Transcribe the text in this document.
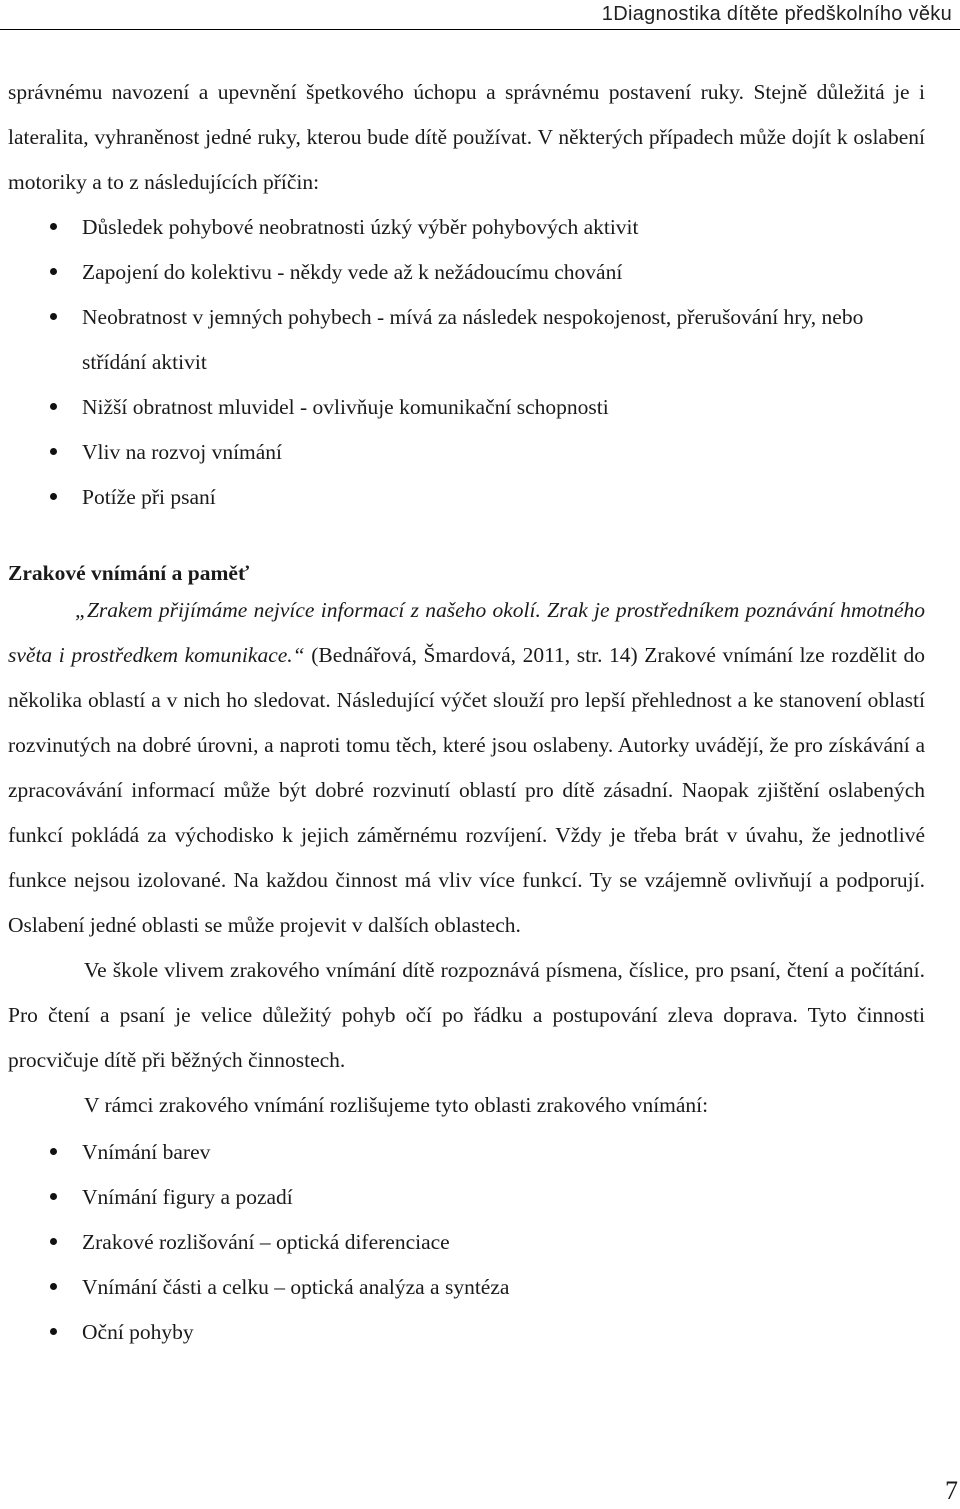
1Diagnostika dítěte předškolního věku

správnému navození a upevnění špetkového úchopu a správnému postavení ruky. Stejně důležitá je i lateralita, vyhraněnost jedné ruky, kterou bude dítě používat. V některých případech může dojít k oslabení motoriky a to z následujících příčin:

Důsledek pohybové neobratnosti úzký výběr pohybových aktivit
Zapojení do kolektivu - někdy vede až k nežádoucímu chování
Neobratnost v jemných pohybech - mívá za následek nespokojenost, přerušování hry, nebo střídání aktivit
Nižší obratnost mluvidel - ovlivňuje komunikační schopnosti
Vliv na rozvoj vnímání
Potíže při psaní
Zrakové vnímání a paměť

„Zrakem přijímáme nejvíce informací z našeho okolí. Zrak je prostředníkem poznávání hmotného světa i prostředkem komunikace.“ (Bednářová, Šmardová, 2011, str. 14) Zrakové vnímání lze rozdělit do několika oblastí a v nich ho sledovat. Následující výčet slouží pro lepší přehlednost a ke stanovení oblastí rozvinutých na dobré úrovni, a naproti tomu těch, které jsou oslabeny. Autorky uvádějí, že pro získávání a zpracovávání informací může být dobré rozvinutí oblastí pro dítě zásadní. Naopak zjištění oslabených funkcí pokládá za východisko k jejich záměrnému rozvíjení. Vždy je třeba brát v úvahu, že jednotlivé funkce nejsou izolované. Na každou činnost má vliv více funkcí. Ty se vzájemně ovlivňují a podporují. Oslabení jedné oblasti se může projevit v dalších oblastech.

Ve škole vlivem zrakového vnímání dítě rozpoznává písmena, číslice, pro psaní, čtení a počítání. Pro čtení a psaní je velice důležitý pohyb očí po řádku a postupování zleva doprava. Tyto činnosti procvičuje dítě při běžných činnostech.

V rámci zrakového vnímání rozlišujeme tyto oblasti zrakového vnímání:

Vnímání barev
Vnímání figury a pozadí
Zrakové rozlišování – optická diferenciace
Vnímání části a celku – optická analýza a syntéza
Oční pohyby
7
